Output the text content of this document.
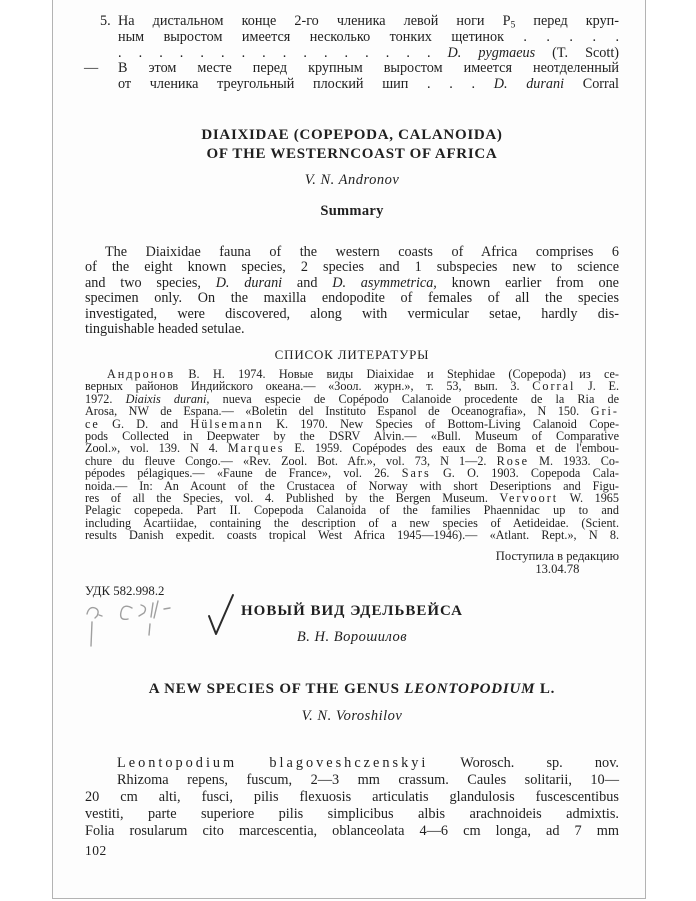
5. На дистальном конце 2-го членика левой ноги $P_5$ перед круп-
ным выростом имеется несколько тонких щетинок . . . . .
. . . . . . . . . . . . . . . . D. pygmaeus (T. Scott)
— В этом месте перед крупным выростом имеется неотделенный
от членика треугольный плоский шип . . . D. durani Corral
DIAIXIDAE (COPEPODA, CALANOIDA)
OF THE WESTERNCOAST OF AFRICA
V. N. Andronov
Summary
The Diaixidae fauna of the western coasts of Africa comprises 6
of the eight known species, 2 species and 1 subspecies new to science
and two species, D. durani and D. asymmetrica, known earlier from one
specimen only. On the maxilla endopodite of females of all the species
investigated, were discovered, along with vermicular setae, hardly dis-
tinguishable headed setulae.
СПИСОК ЛИТЕРАТУРЫ
Андронов В. Н. 1974. Новые виды Diaixidae и Stephidae (Copepoda) из се-
верных районов Индийского океана.— «Зоол. журн.», т. 53, вып. 3. Corral J. E.
1972. Diaixis durani, nueva especie de Copépodo Calanoide procedente de la Ria de
Arosa, NW de Espana.— «Boletin del Instituto Espanol de Oceanografia», N 150. Gri-
ce G. D. and Hülsemann K. 1970. New Species of Bottom-Living Calanoid Cope-
pods Collected in Deepwater by the DSRV Alvin.— «Bull. Museum of Comparative
Zool.», vol. 139. N 4. Marques E. 1959. Copépodes des eaux de Boma et de l'embou-
chure du fleuve Congo.— «Rev. Zool. Bot. Afr.», vol. 73, N 1—2. Rose M. 1933. Co-
pépodes pélagiques.— «Faune de France», vol. 26. Sars G. O. 1903. Copepoda Cala-
noida.— In: An Acount of the Crustacea of Norway with short Deseriptions and Figu-
res of all the Species, vol. 4. Published by the Bergen Museum. Vervoort W. 1965
Pelagic copepeda. Part II. Copepoda Calanoida of the families Phaennidac up to and
including Acartiidae, containing the description of a new species of Aetideidae. (Scient.
results Danish expedit. coasts tropical West Africa 1945—1946).— «Atlant. Rept.», N 8.
Поступила в редакцию
13.04.78
УДК 582.998.2
НОВЫЙ ВИД ЭДЕЛЬВЕЙСА
В. Н. Ворошилов
A NEW SPECIES OF THE GENUS LEONTOPODIUM L.
V. N. Voroshilov
Leontopodium blagoveshczenskyi Worosch. sp. nov.
Rhizoma repens, fuscum, 2—3 mm crassum. Caules solitarii, 10—
20 cm alti, fusci, pilis flexuosis articulatis glandulosis fuscescentibus
vestiti, parte superiore pilis simplicibus albis arachnoideis admixtis.
Folia rosularum cito marcescentia, oblanceolata 4—6 cm longa, ad 7 mm
102
